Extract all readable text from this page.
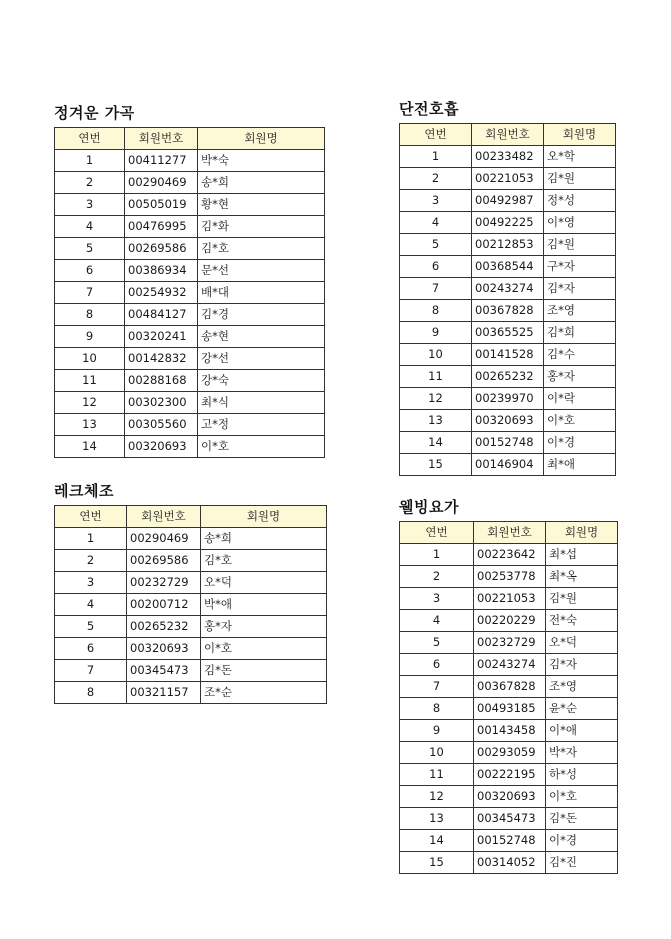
정겨운 가곡
연번	회원번호	회원명
1	00411277	박*숙
2	00290469	송*희
3	00505019	황*현
4	00476995	김*화
5	00269586	김*호
6	00386934	문*선
7	00254932	배*대
8	00484127	김*경
9	00320241	송*현
10	00142832	강*선
11	00288168	강*숙
12	00302300	최*식
13	00305560	고*정
14	00320693	이*호
레크체조
연번	회원번호	회원명
1	00290469	송*희
2	00269586	김*호
3	00232729	오*덕
4	00200712	박*애
5	00265232	홍*자
6	00320693	이*호
7	00345473	김*돈
8	00321157	조*순
단전호흡
연번	회원번호	회원명
1	00233482	오*학
2	00221053	김*원
3	00492987	정*성
4	00492225	이*영
5	00212853	김*원
6	00368544	구*자
7	00243274	김*자
8	00367828	조*영
9	00365525	김*희
10	00141528	김*수
11	00265232	홍*자
12	00239970	이*락
13	00320693	이*호
14	00152748	이*경
15	00146904	최*애
웰빙요가
연번	회원번호	회원명
1	00223642	최*섭
2	00253778	최*옥
3	00221053	김*원
4	00220229	전*숙
5	00232729	오*덕
6	00243274	김*자
7	00367828	조*영
8	00493185	윤*순
9	00143458	이*애
10	00293059	박*자
11	00222195	하*성
12	00320693	이*호
13	00345473	김*돈
14	00152748	이*경
15	00314052	김*진
